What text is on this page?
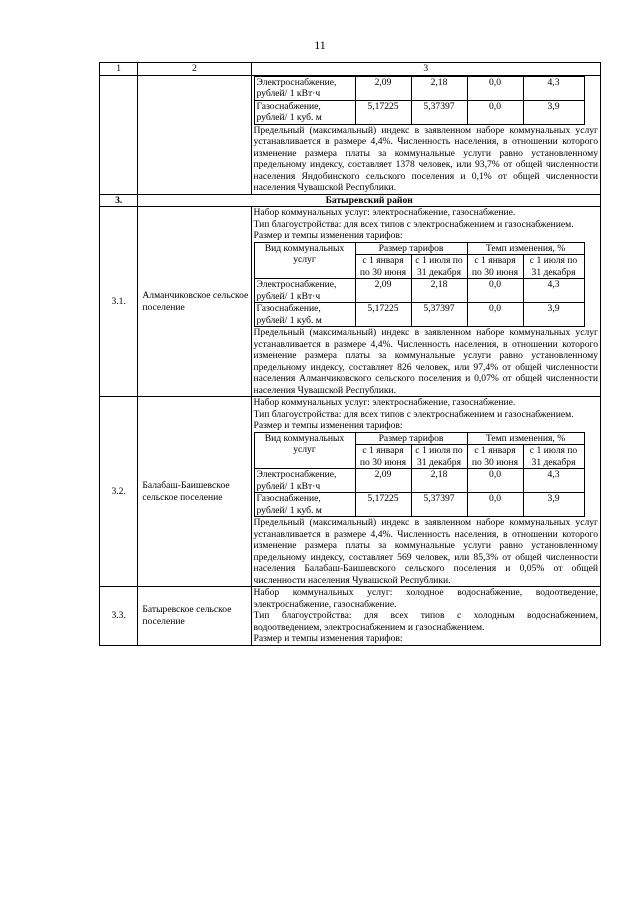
11
1	2	3

Электроснабжение, рублей/ 1 кВт·ч	2,09	2,18	0,0	4,3
Газоснабжение, рублей/ 1 куб. м	5,17225	5,37397	0,0	3,9

Предельный (максимальный) индекс в заявленном наборе коммунальных услуг устанавливается в размере 4,4%. Численность населения, в отношении которого изменение размера платы за коммунальные услуги равно установленному предельному индексу, составляет 1378 человек, или 93,7% от общей численности населения Яндобинского сельского поселения и 0,1% от общей численности населения Чувашской Республики.

3.	Батыревский район
3.1.	Алманчиковское сельское поселение	

Набор коммунальных услуг: электроснабжение, газоснабжение.

Тип благоустройства: для всех типов с электроснабжением и газоснабжением.

Размер и темпы изменения тарифов:

Вид коммунальных услуг	Размер тарифов	Темп изменения, %
с 1 января по 30 июня	с 1 июля по 31 декабря	с 1 января по 30 июня	с 1 июля по 31 декабря
Электроснабжение, рублей/ 1 кВт·ч	2,09	2,18	0,0	4,3
Газоснабжение, рублей/ 1 куб. м	5,17225	5,37397	0,0	3,9

Предельный (максимальный) индекс в заявленном наборе коммунальных услуг устанавливается в размере 4,4%. Численность населения, в отношении которого изменение размера платы за коммунальные услуги равно установленному предельному индексу, составляет 826 человек, или 97,4% от общей численности населения Алманчиковского сельского поселения и 0,07% от общей численности населения Чувашской Республики.

3.2.	Балабаш-Баишевское сельское поселение	

Набор коммунальных услуг: электроснабжение, газоснабжение.

Тип благоустройства: для всех типов с электроснабжением и газоснабжением.

Размер и темпы изменения тарифов:

Вид коммунальных услуг	Размер тарифов	Темп изменения, %
с 1 января по 30 июня	с 1 июля по 31 декабря	с 1 января по 30 июня	с 1 июля по 31 декабря
Электроснабжение, рублей/ 1 кВт·ч	2,09	2,18	0,0	4,3
Газоснабжение, рублей/ 1 куб. м	5,17225	5,37397	0,0	3,9

Предельный (максимальный) индекс в заявленном наборе коммунальных услуг устанавливается в размере 4,4%. Численность населения, в отношении которого изменение размера платы за коммунальные услуги равно установленному предельному индексу, составляет 569 человек, или 85,3% от общей численности населения Балабаш-Баишевского сельского поселения и 0,05% от общей численности населения Чувашской Республики.

3.3.	Батыревское сельское поселение	

Набор коммунальных услуг: холодное водоснабжение, водоотведение, электроснабжение, газоснабжение.

Тип благоустройства: для всех типов с холодным водоснабжением, водоотведением, электроснабжением и газоснабжением.

Размер и темпы изменения тарифов:
